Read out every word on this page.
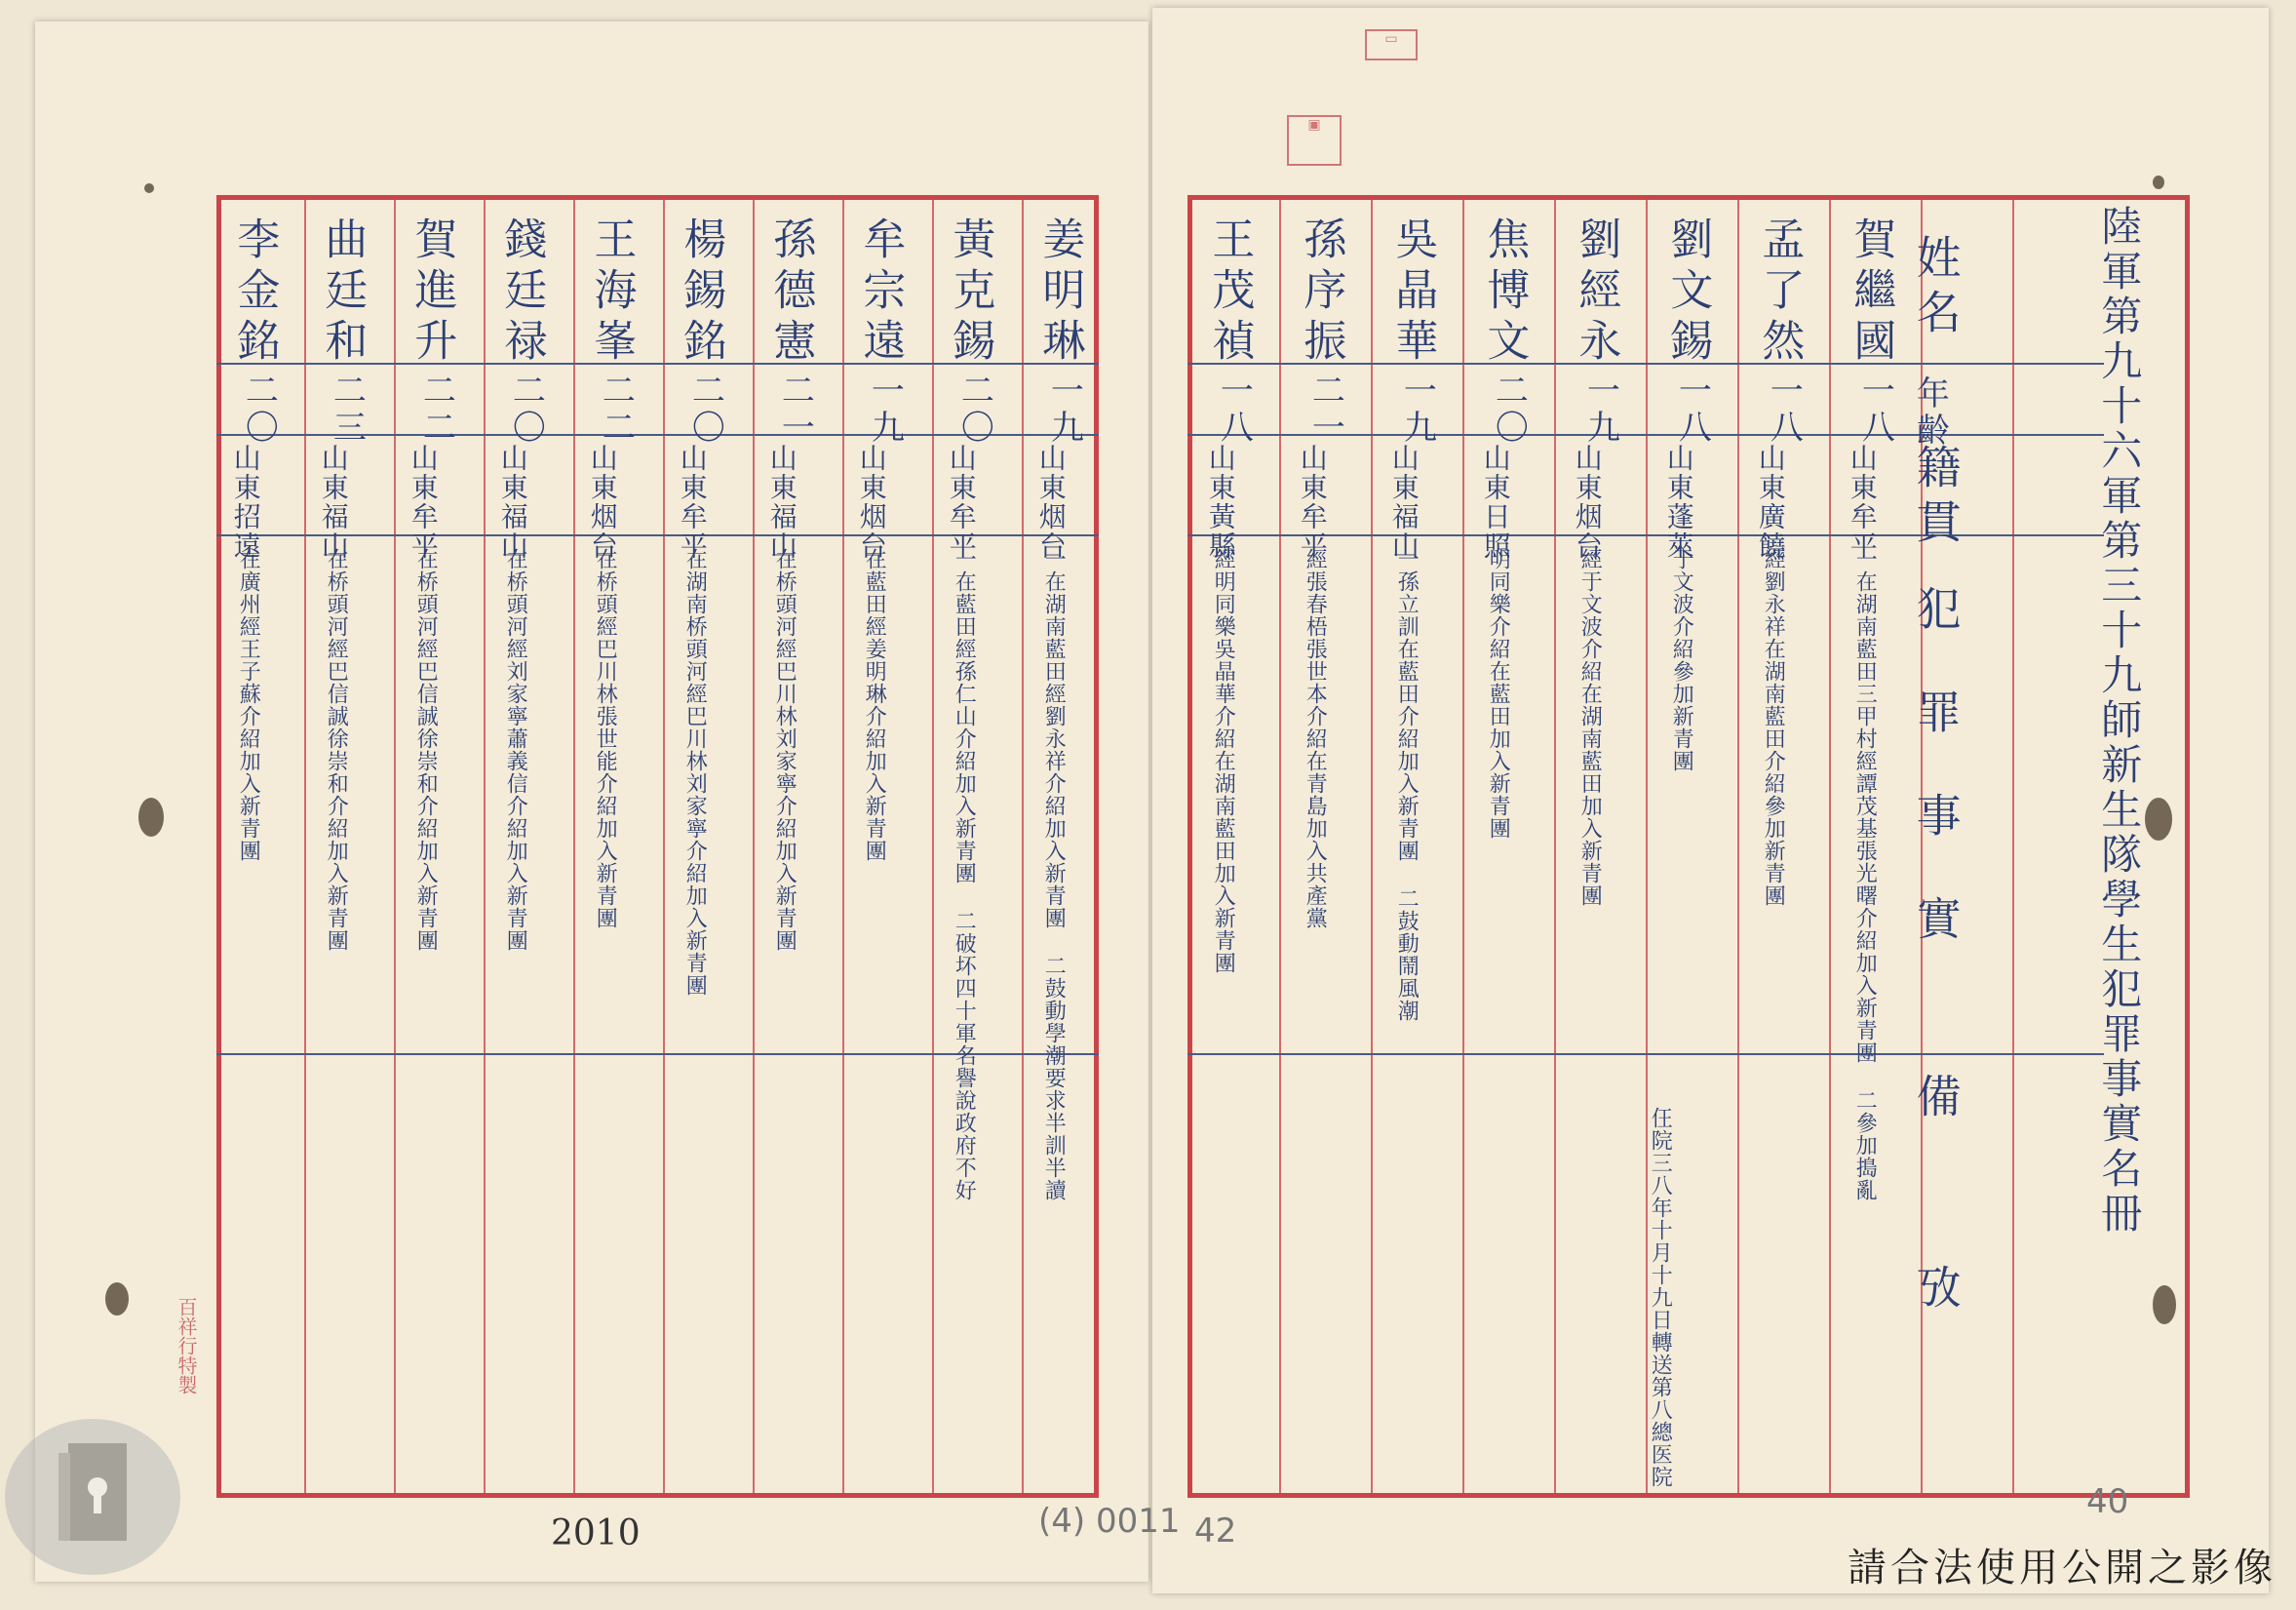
陸軍第九十六軍第三十九師新生隊學生犯罪事實名冊
姓名
年齡
籍貫
犯罪事實
備攷
賀繼國
一八
山東牟平
一在湖南藍田三甲村經譚茂基張光曙介紹加入新青團 二參加搗亂
孟了然
一八
山東廣饒
經劉永祥在湖南藍田介紹參加新青團
劉文錫
一八
山東蓬萊
于文波介紹參加新青團
劉經永
一九
山東烟台
經于文波介紹在湖南藍田加入新青團
焦博文
二〇
山東日照
明同樂介紹在藍田加入新青團
吳晶華
一九
山東福山
一孫立訓在藍田介紹加入新青團 二鼓動鬧風潮
孫序振
二一
山東牟平
經張春梧張世本介紹在青島加入共產黨
王茂禎
一八
山東黃縣
經明同樂吳晶華介紹在湖南藍田加入新青團
姜明琳
一九
山東烟台
一在湖南藍田經劉永祥介紹加入新青團 二鼓動學潮要求半訓半讀
黃克錫
二〇
山東牟平
一在藍田經孫仁山介紹加入新青團 二破坏四十軍名譽說政府不好
牟宗遠
一九
山東烟台
在藍田經姜明琳介紹加入新青團
孫德憲
二一
山東福山
在桥頭河經巴川林刘家寧介紹加入新青團
楊錫銘
二〇
山東牟平
在湖南桥頭河經巴川林刘家寧介紹加入新青團
王海峯
二二
山東烟台
在桥頭經巴川林張世能介紹加入新青團
錢廷禄
二〇
山東福山
在桥頭河經刘家寧蕭義信介紹加入新青團
賀進升
二二
山東牟平
在桥頭河經巴信誠徐崇和介紹加入新青團
曲廷和
二三
山東福山
在桥頭河經巴信誠徐崇和介紹加入新青團
李金銘
二〇
山東招遠
在廣州經王子蘇介紹加入新青團
仼院三八年十月十九日轉送第八總医院
▭
▣
百祥行特製
2010	(4) 0011 42
40
請合法使用公開之影像
